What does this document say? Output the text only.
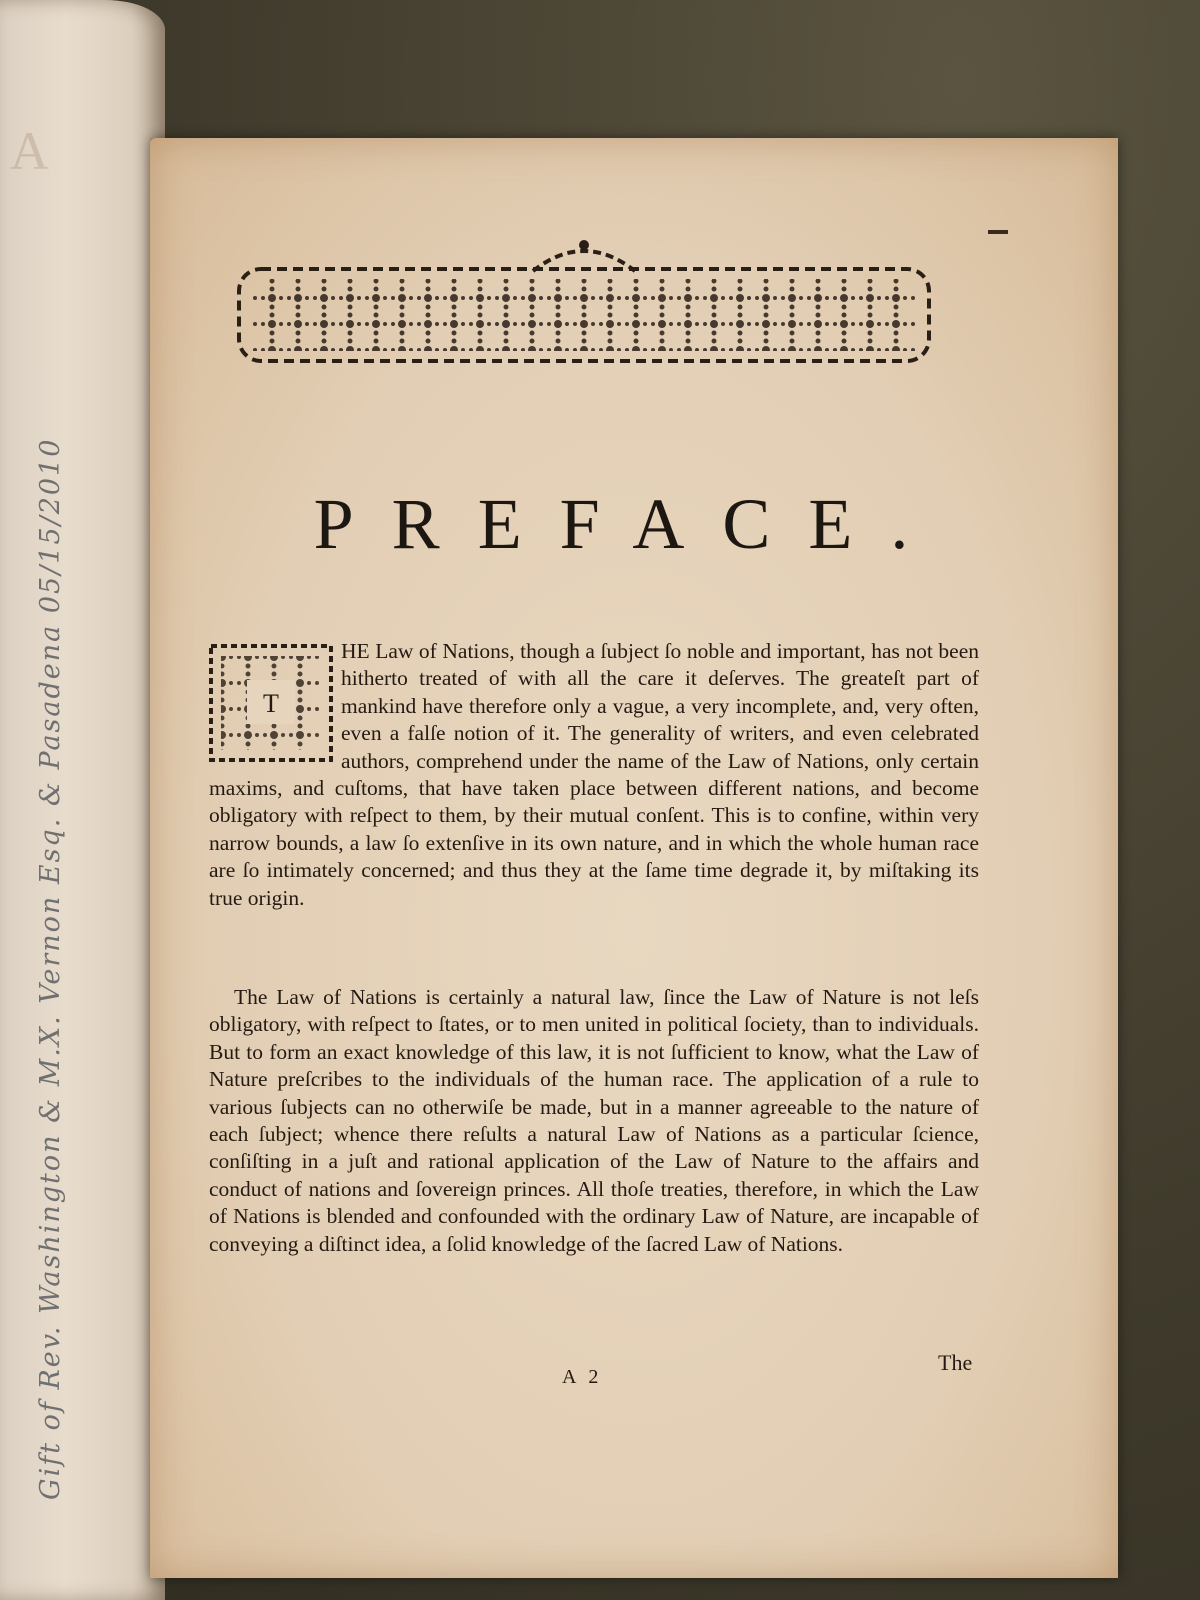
A
Gift of Rev. Washington & M.X. Vernon Esq. & Pasadena 05/15/2010	PREFACE.

T
HE Law of Nations, though a ſubject ſo noble and important, has not been hitherto treated of with all the care it deſerves. The greateſt part of mankind have therefore only a vague, a very incomplete, and, very often, even a falſe notion of it. The generality of writers, and even celebrated authors, comprehend under the name of the Law of Nations, only certain maxims, and cuſtoms, that have taken place between different nations, and become obligatory with reſpect to them, by their mutual conſent. This is to confine, within very narrow bounds, a law ſo extenſive in its own nature, and in which the whole human race are ſo intimately concerned; and thus they at the ſame time degrade it, by miſtaking its true origin.

The Law of Nations is certainly a natural law, ſince the Law of Nature is not leſs obligatory, with reſpect to ſtates, or to men united in political ſociety, than to individuals. But to form an exact knowledge of this law, it is not ſufficient to know, what the Law of Nature preſcribes to the individuals of the human race. The application of a rule to various ſubjects can no otherwiſe be made, but in a manner agreeable to the nature of each ſubject; whence there reſults a natural Law of Nations as a particular ſcience, conſiſting in a juſt and rational application of the Law of Nature to the affairs and conduct of nations and ſovereign princes. All thoſe treaties, therefore, in which the Law of Nations is blended and confounded with the ordinary Law of Nature, are incapable of conveying a diſtinct idea, a ſolid knowledge of the ſacred Law of Nations.

A 2
The
